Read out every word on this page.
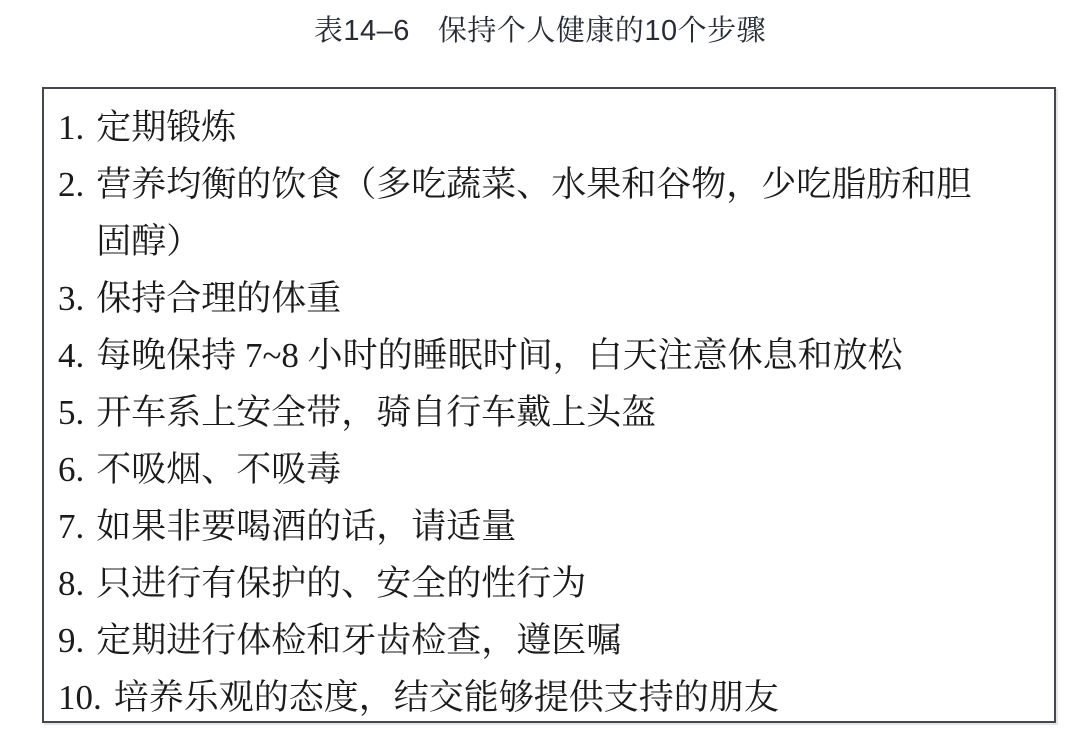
表14–6 保持个人健康的10个步骤
1. 定期锻炼
2. 营养均衡的饮食（多吃蔬菜、水果和谷物，少吃脂肪和胆
固醇）
3. 保持合理的体重
4. 每晚保持 7~8 小时的睡眠时间，白天注意休息和放松
5. 开车系上安全带，骑自行车戴上头盔
6. 不吸烟、不吸毒
7. 如果非要喝酒的话，请适量
8. 只进行有保护的、安全的性行为
9. 定期进行体检和牙齿检查，遵医嘱
10. 培养乐观的态度，结交能够提供支持的朋友
